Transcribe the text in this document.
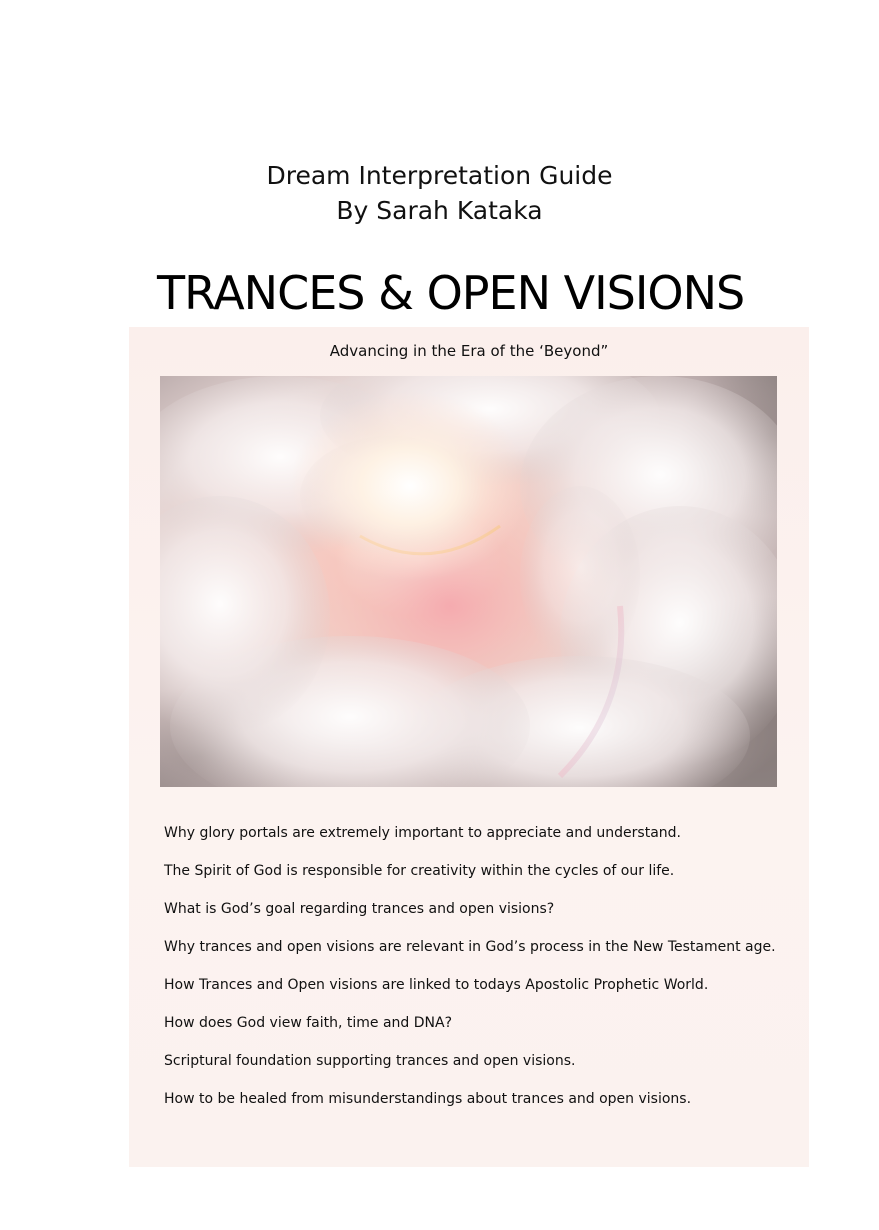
Dream Interpretation Guide
By Sarah Kataka
TRANCES & OPEN VISIONS

Advancing in the Era of the ‘Beyond”

Why glory portals are extremely important to appreciate and understand.
The Spirit of God is responsible for creativity within the cycles of our life.
What is God’s goal regarding trances and open visions?
Why trances and open visions are relevant in God’s process in the New Testament age.
How Trances and Open visions are linked to todays Apostolic Prophetic World.
How does God view faith, time and DNA?
Scriptural foundation supporting trances and open visions.
How to be healed from misunderstandings about trances and open visions.
